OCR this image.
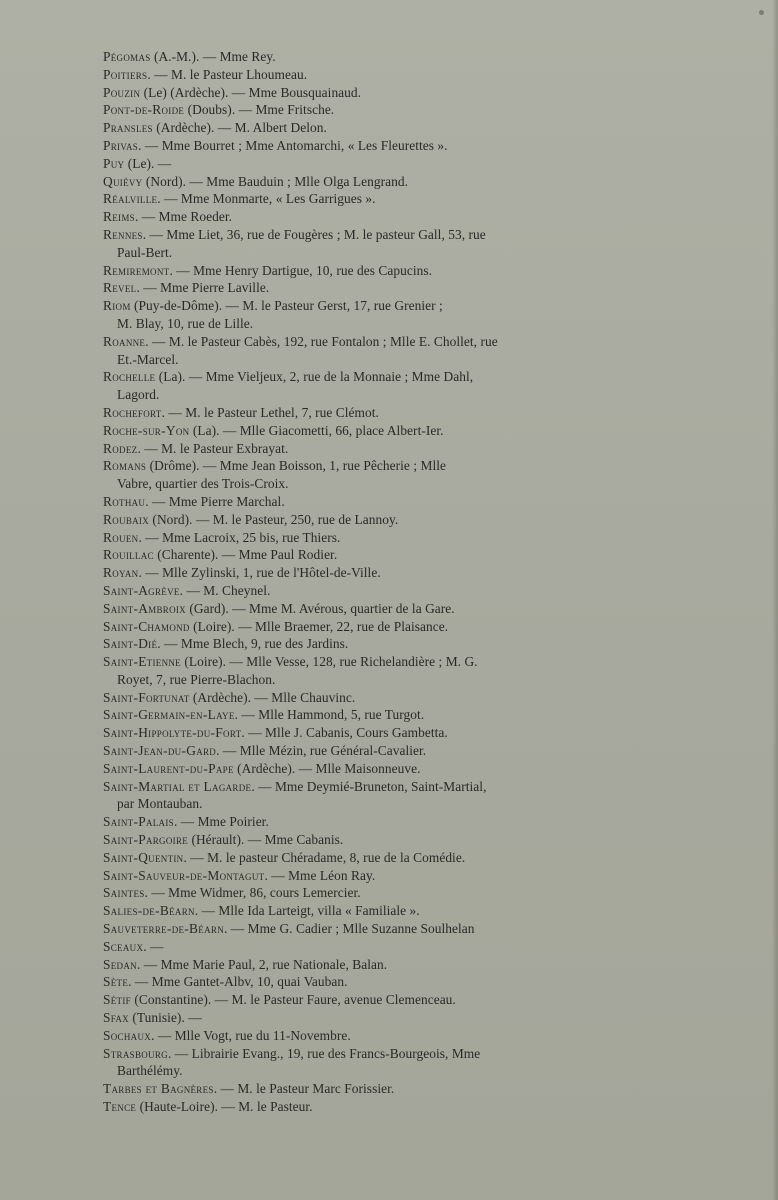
Pégomas (A.-M.). — Mme Rey.
Poitiers. — M. le Pasteur Lhoumeau.
Pouzin (Le) (Ardèche). — Mme Bousquainaud.
Pont-de-Roide (Doubs). — Mme Fritsche.
Pransles (Ardèche). — M. Albert Delon.
Privas. — Mme Bourret ; Mme Antomarchi, « Les Fleurettes ».
Puy (Le). —
Quiévy (Nord). — Mme Bauduin ; Mlle Olga Lengrand.
Réalville. — Mme Monmarte, « Les Garrigues ».
Reims. — Mme Roeder.
Rennes. — Mme Liet, 36, rue de Fougères ; M. le pasteur Gall, 53, rue
Paul-Bert.
Remiremont. — Mme Henry Dartigue, 10, rue des Capucins.
Revel. — Mme Pierre Laville.
Riom (Puy-de-Dôme). — M. le Pasteur Gerst, 17, rue Grenier ;
M. Blay, 10, rue de Lille.
Roanne. — M. le Pasteur Cabès, 192, rue Fontalon ; Mlle E. Chollet, rue
Et.-Marcel.
Rochelle (La). — Mme Vieljeux, 2, rue de la Monnaie ; Mme Dahl,
Lagord.
Rochefort. — M. le Pasteur Lethel, 7, rue Clémot.
Roche-sur-Yon (La). — Mlle Giacometti, 66, place Albert-Ier.
Rodez. — M. le Pasteur Exbrayat.
Romans (Drôme). — Mme Jean Boisson, 1, rue Pêcherie ; Mlle
Vabre, quartier des Trois-Croix.
Rothau. — Mme Pierre Marchal.
Roubaix (Nord). — M. le Pasteur, 250, rue de Lannoy.
Rouen. — Mme Lacroix, 25 bis, rue Thiers.
Rouillac (Charente). — Mme Paul Rodier.
Royan. — Mlle Zylinski, 1, rue de l'Hôtel-de-Ville.
Saint-Agrève. — M. Cheynel.
Saint-Ambroix (Gard). — Mme M. Avérous, quartier de la Gare.
Saint-Chamond (Loire). — Mlle Braemer, 22, rue de Plaisance.
Saint-Dié. — Mme Blech, 9, rue des Jardins.
Saint-Etienne (Loire). — Mlle Vesse, 128, rue Richelandière ; M. G.
Royet, 7, rue Pierre-Blachon.
Saint-Fortunat (Ardèche). — Mlle Chauvinc.
Saint-Germain-en-Laye. — Mlle Hammond, 5, rue Turgot.
Saint-Hippolyte-du-Fort. — Mlle J. Cabanis, Cours Gambetta.
Saint-Jean-du-Gard. — Mlle Mézin, rue Général-Cavalier.
Saint-Laurent-du-Pape (Ardèche). — Mlle Maisonneuve.
Saint-Martial et Lagarde. — Mme Deymié-Bruneton, Saint-Martial,
par Montauban.
Saint-Palais. — Mme Poirier.
Saint-Pargoire (Hérault). — Mme Cabanis.
Saint-Quentin. — M. le pasteur Chéradame, 8, rue de la Comédie.
Saint-Sauveur-de-Montagut. — Mme Léon Ray.
Saintes. — Mme Widmer, 86, cours Lemercier.
Salies-de-Béarn. — Mlle Ida Larteigt, villa « Familiale ».
Sauveterre-de-Béarn. — Mme G. Cadier ; Mlle Suzanne Soulhelan
Sceaux. —
Sedan. — Mme Marie Paul, 2, rue Nationale, Balan.
Sète. — Mme Gantet-Albv, 10, quai Vauban.
Sétif (Constantine). — M. le Pasteur Faure, avenue Clemenceau.
Sfax (Tunisie). —
Sochaux. — Mlle Vogt, rue du 11-Novembre.
Strasbourg. — Librairie Evang., 19, rue des Francs-Bourgeois, Mme
Barthélémy.
Tarbes et Bagnères. — M. le Pasteur Marc Forissier.
Tence (Haute-Loire). — M. le Pasteur.
